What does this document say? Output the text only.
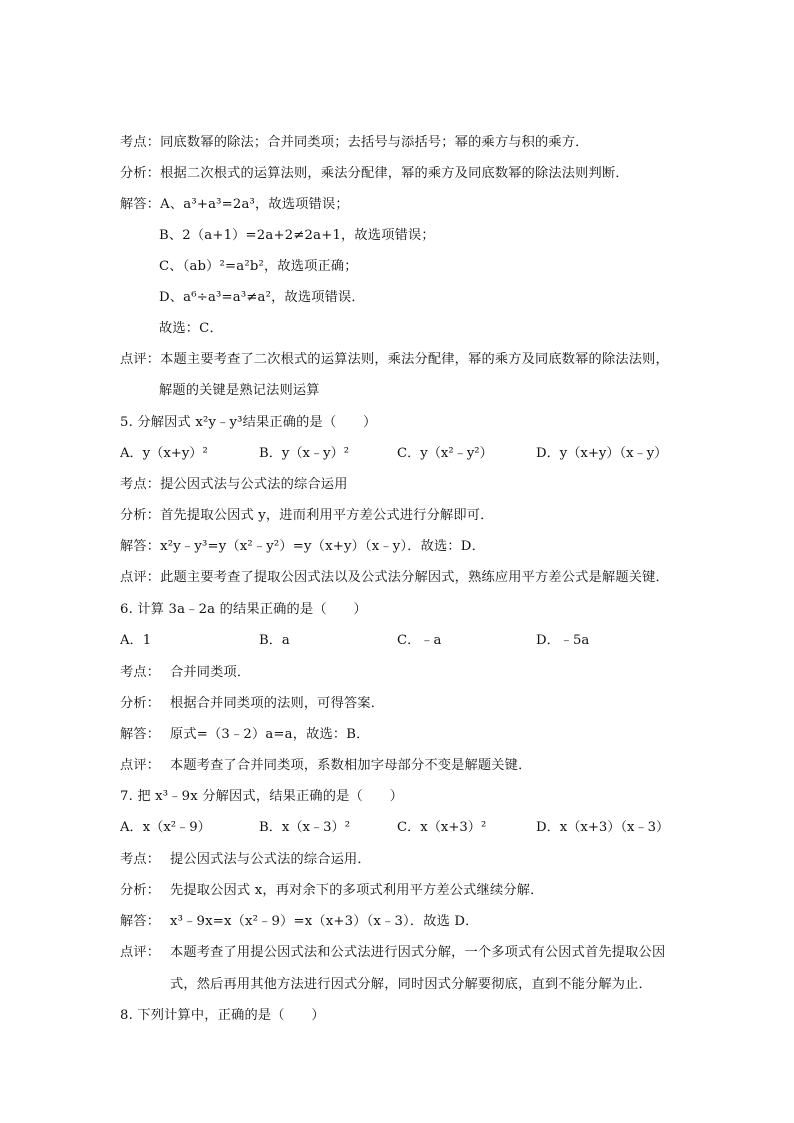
考点：同底数幂的除法；合并同类项；去括号与添括号；幂的乘方与积的乘方．
分析：根据二次根式的运算法则，乘法分配律，幂的乘方及同底数幂的除法法则判断．
解答：A、a³+a³=2a³，故选项错误；
B、2（a+1）=2a+2≠2a+1，故选项错误；
C、（ab）²=a²b²，故选项正确；
D、a⁶÷a³=a³≠a²，故选项错误．
故选：C．
点评：本题主要考查了二次根式的运算法则，乘法分配律，幂的乘方及同底数幂的除法法则，
解题的关键是熟记法则运算
5. 分解因式 x²y﹣y³结果正确的是（　　）
A．y（x+y）²	B．y（x﹣y）²	C．y（x²﹣y²）	D．y（x+y）（x﹣y）
考点：提公因式法与公式法的综合运用
分析：首先提取公因式 y，进而利用平方差公式进行分解即可．
解答：x²y﹣y³=y（x²﹣y²）=y（x+y）（x﹣y）．故选：D．
点评：此题主要考查了提取公因式法以及公式法分解因式，熟练应用平方差公式是解题关键．
6. 计算 3a﹣2a 的结果正确的是（　　）
A．1	B．a	C．﹣a	D．﹣5a
考点： 合并同类项．
分析： 根据合并同类项的法则，可得答案．
解答： 原式=（3﹣2）a=a，故选：B．
点评： 本题考查了合并同类项，系数相加字母部分不变是解题关键．
7. 把 x³﹣9x 分解因式，结果正确的是（　　）
A．x（x²﹣9）	B．x（x﹣3）²	C．x（x+3）²	D．x（x+3）（x﹣3）
考点： 提公因式法与公式法的综合运用．
分析： 先提取公因式 x，再对余下的多项式利用平方差公式继续分解．
解答： x³﹣9x=x（x²﹣9）=x（x+3）（x﹣3）．故选 D．
点评： 本题考查了用提公因式法和公式法进行因式分解，一个多项式有公因式首先提取公因
式，然后再用其他方法进行因式分解，同时因式分解要彻底，直到不能分解为止．
8. 下列计算中，正确的是（　　）
